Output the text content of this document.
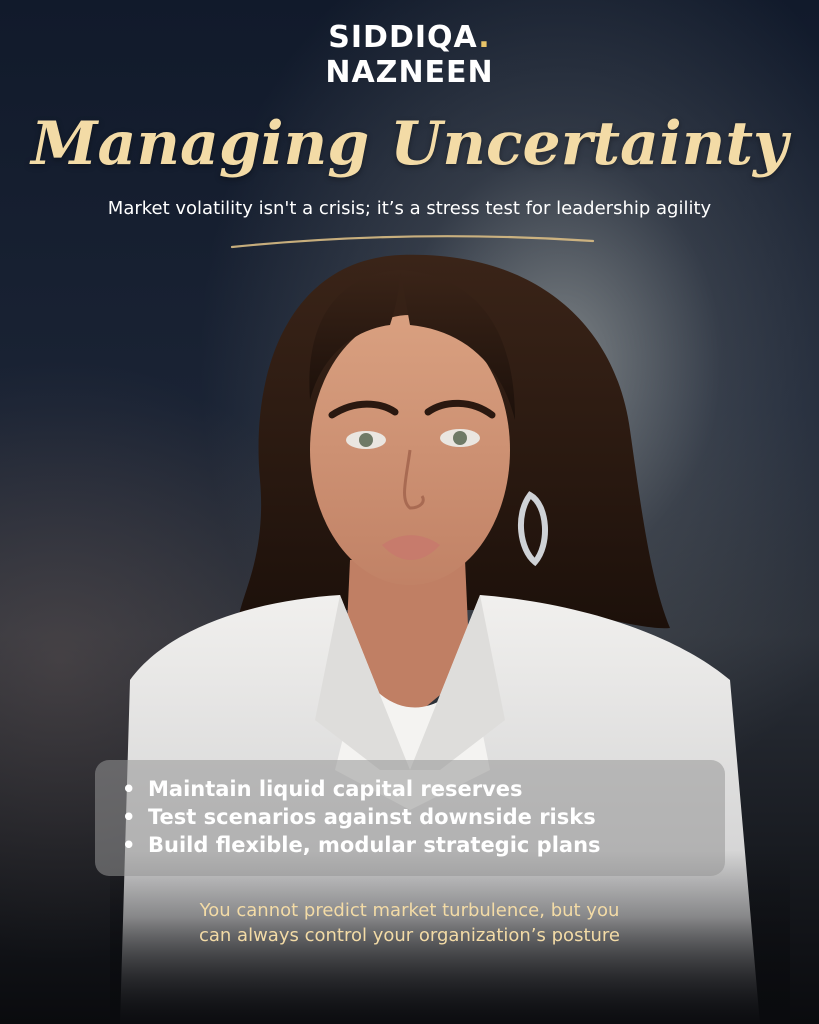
SIDDIQA.
NAZNEEN
Managing Uncertainty
Market volatility isn't a crisis; it’s a stress test for leadership agility
• Maintain liquid capital reserves
• Test scenarios against downside risks
• Build flexible, modular strategic plans
You cannot predict market turbulence, but you
can always control your organization’s posture
